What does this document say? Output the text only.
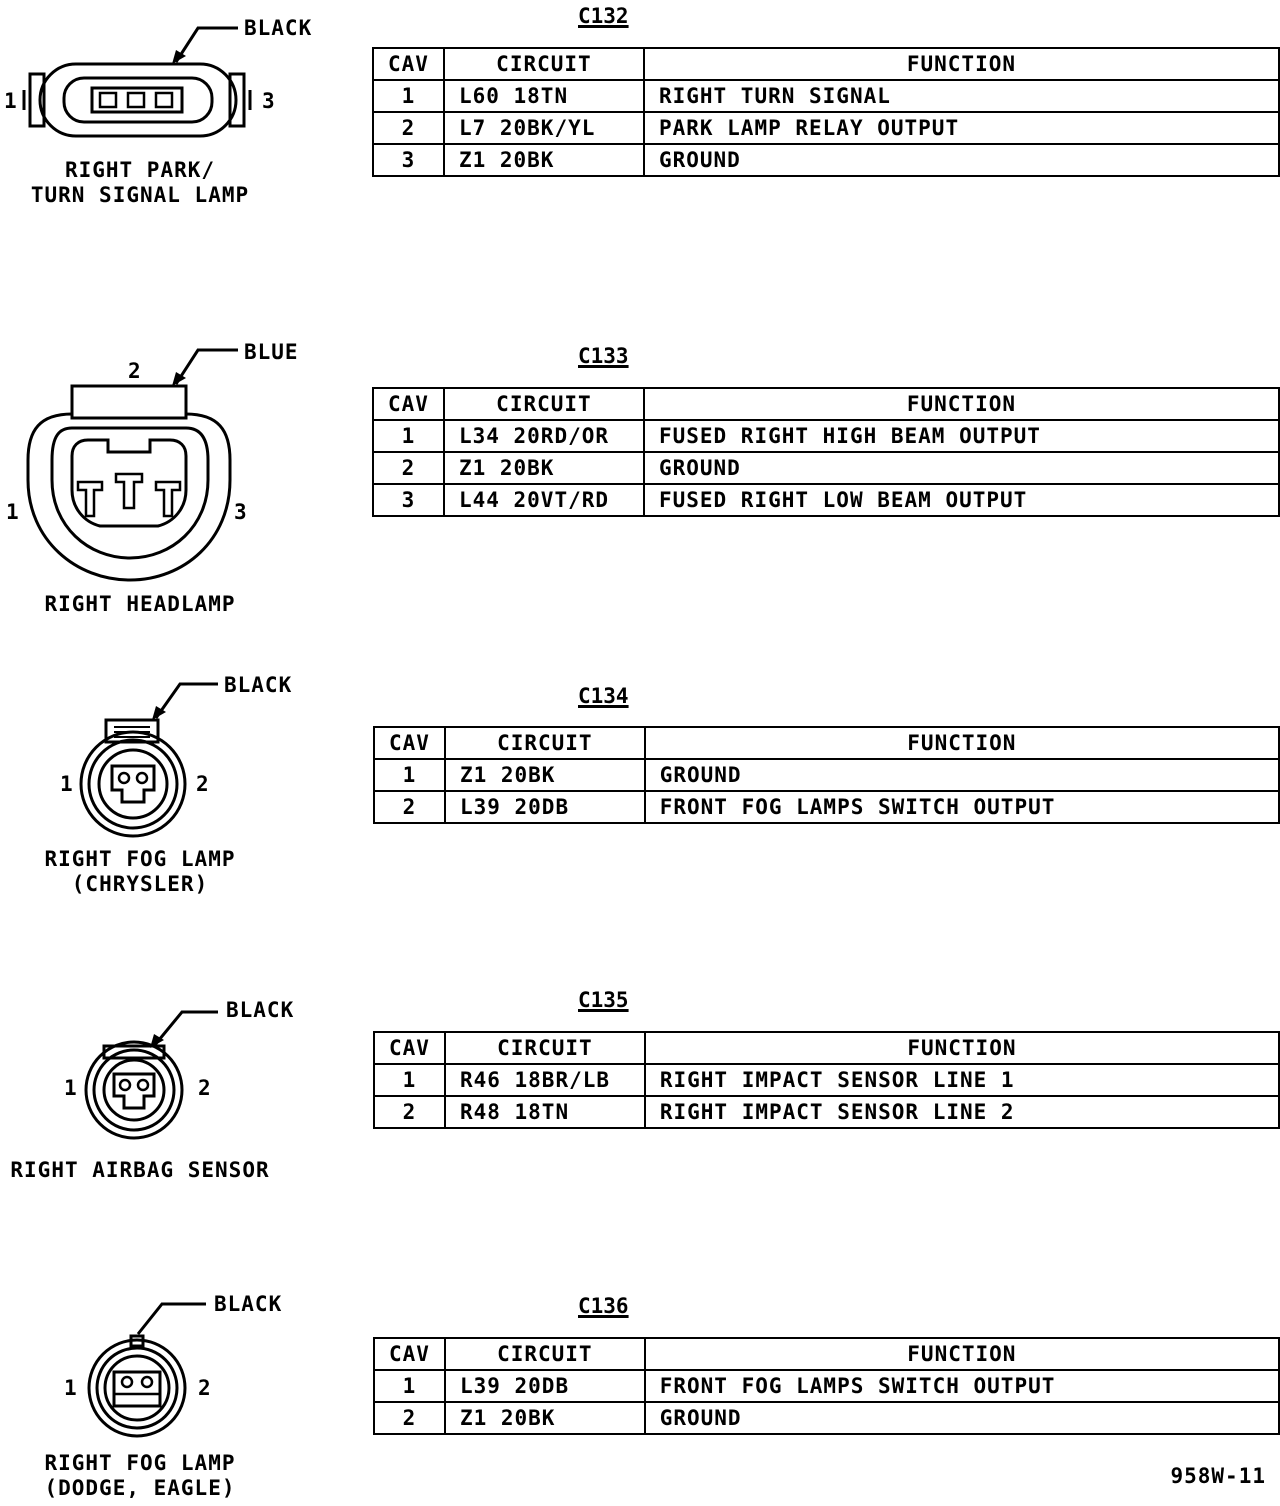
BLACK
1	3
RIGHT PARK/
TURN SIGNAL LAMP
C132
CAV	CIRCUIT	FUNCTION
1	L60 18TN	RIGHT TURN SIGNAL
2	L7 20BK/YL	PARK LAMP RELAY OUTPUT
3	Z1 20BK	GROUND
BLUE
2
1	3
RIGHT HEADLAMP
C133
CAV	CIRCUIT	FUNCTION
1	L34 20RD/OR	FUSED RIGHT HIGH BEAM OUTPUT
2	Z1 20BK	GROUND
3	L44 20VT/RD	FUSED RIGHT LOW BEAM OUTPUT
BLACK
1	2
RIGHT FOG LAMP
(CHRYSLER)
C134
CAV	CIRCUIT	FUNCTION
1	Z1 20BK	GROUND
2	L39 20DB	FRONT FOG LAMPS SWITCH OUTPUT
BLACK
1	2
RIGHT AIRBAG SENSOR
C135
CAV	CIRCUIT	FUNCTION
1	R46 18BR/LB	RIGHT IMPACT SENSOR LINE 1
2	R48 18TN	RIGHT IMPACT SENSOR LINE 2
BLACK
1	2
RIGHT FOG LAMP
(DODGE, EAGLE)
C136
CAV	CIRCUIT	FUNCTION
1	L39 20DB	FRONT FOG LAMPS SWITCH OUTPUT
2	Z1 20BK	GROUND
958W-11
